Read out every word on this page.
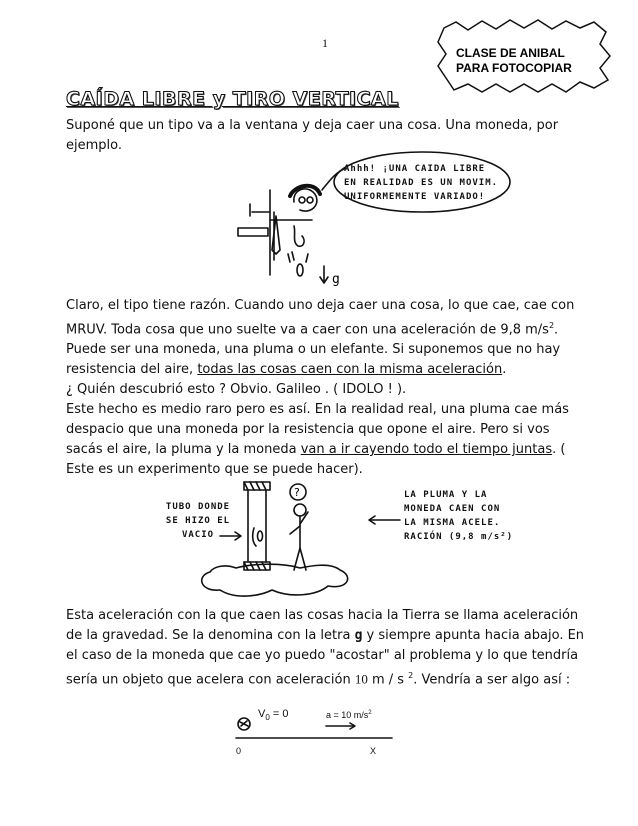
1
CLASE DE ANIBAL
PARA FOTOCOPIAR
CAÍDA LIBRE y TIRO VERTICAL
Suponé que un tipo va a la ventana y deja caer una cosa. Una moneda, por ejemplo.
g
Ahhh! ¡UNA CAIDA LIBRE
EN REALIDAD ES UN MOVIM.
UNIFORMEMENTE VARIADO!

Claro, el tipo tiene razón. Cuando uno deja caer una cosa, lo que cae, cae con MRUV. Toda cosa que uno suelte va a caer con una aceleración de 9,8 $m/s^2$. Puede ser una moneda, una pluma o un elefante. Si suponemos que no hay resistencia del aire, todas las cosas caen con la misma aceleración.

¿ Quién descubrió esto ? Obvio. Galileo . ( IDOLO ! ).

Este hecho es medio raro pero es así. En la realidad real, una pluma cae más despacio que una moneda por la resistencia que opone el aire. Pero si vos sacás el aire, la pluma y la moneda van a ir cayendo todo el tiempo juntas. ( Este es un experimento que se puede hacer).

?
TUBO DONDE
SE HIZO EL
VACIO
LA PLUMA Y LA
MONEDA CAEN CON
LA MISMA ACELE.
RACIÓN (9,8 m/s²)

Esta aceleración con la que caen las cosas hacia la Tierra se llama aceleración de la gravedad. Se la denomina con la letra g y siempre apunta hacia abajo. En el caso de la moneda que cae yo puedo "acostar" al problema y lo que tendría sería un objeto que acelera con aceleración 10 m / s $^2$. Vendría a ser algo así :

$V_0 = 0$	a = 10 $m/s^2$
0	X
